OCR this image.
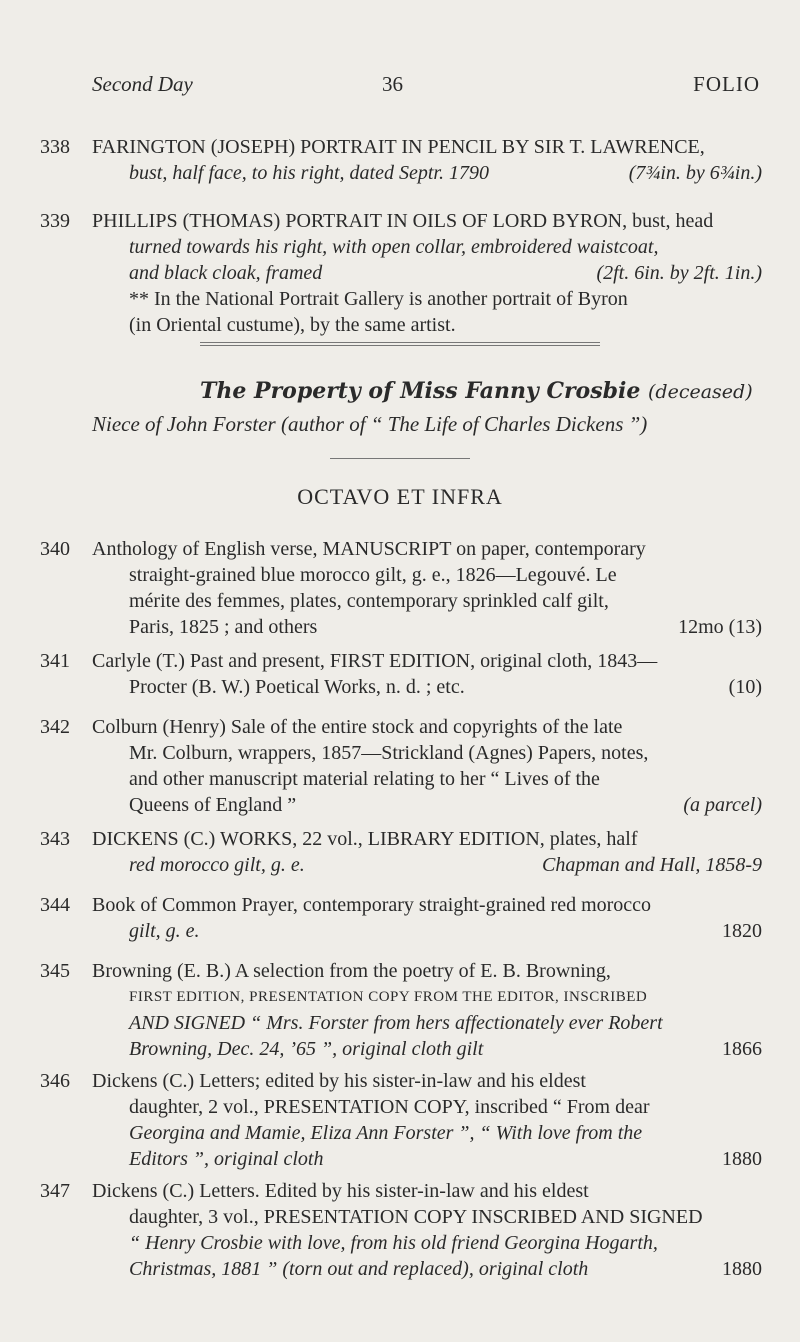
Second Day	36	FOLIO
338	FARINGTON (JOSEPH) PORTRAIT IN PENCIL BY SIR T. LAWRENCE,
bust, half face, to his right, dated Septr. 1790	(7¾in. by 6¾in.)
339	PHILLIPS (THOMAS) PORTRAIT IN OILS OF LORD BYRON, bust, head
turned towards his right, with open collar, embroidered waistcoat,
and black cloak, framed	(2ft. 6in. by 2ft. 1in.)
** In the National Portrait Gallery is another portrait of Byron
(in Oriental custume), by the same artist.
The Property of Miss Fanny Crosbie (deceased)
Niece of John Forster (author of “ The Life of Charles Dickens ”)
OCTAVO ET INFRA
340	Anthology of English verse, MANUSCRIPT on paper, contemporary
straight-grained blue morocco gilt, g. e., 1826—Legouvé. Le
mérite des femmes, plates, contemporary sprinkled calf gilt,
Paris, 1825 ; and others	12mo (13)
341	Carlyle (T.) Past and present, FIRST EDITION, original cloth, 1843—
Procter (B. W.) Poetical Works, n. d. ; etc.	(10)
342	Colburn (Henry) Sale of the entire stock and copyrights of the late
Mr. Colburn, wrappers, 1857—Strickland (Agnes) Papers, notes,
and other manuscript material relating to her “ Lives of the
Queens of England ”	(a parcel)
343	DICKENS (C.) WORKS, 22 vol., LIBRARY EDITION, plates, half
red morocco gilt, g. e.	Chapman and Hall, 1858-9
344	Book of Common Prayer, contemporary straight-grained red morocco
gilt, g. e.	1820
345	Browning (E. B.) A selection from the poetry of E. B. Browning,
FIRST EDITION, PRESENTATION COPY FROM THE EDITOR, INSCRIBED
AND SIGNED “ Mrs. Forster from hers affectionately ever Robert
Browning, Dec. 24, ’65 ”, original cloth gilt	1866
346	Dickens (C.) Letters; edited by his sister-in-law and his eldest
daughter, 2 vol., PRESENTATION COPY, inscribed “ From dear
Georgina and Mamie, Eliza Ann Forster ”, “ With love from the
Editors ”, original cloth	1880
347	Dickens (C.) Letters. Edited by his sister-in-law and his eldest
daughter, 3 vol., PRESENTATION COPY INSCRIBED AND SIGNED
“ Henry Crosbie with love, from his old friend Georgina Hogarth,
Christmas, 1881 ” (torn out and replaced), original cloth	1880
